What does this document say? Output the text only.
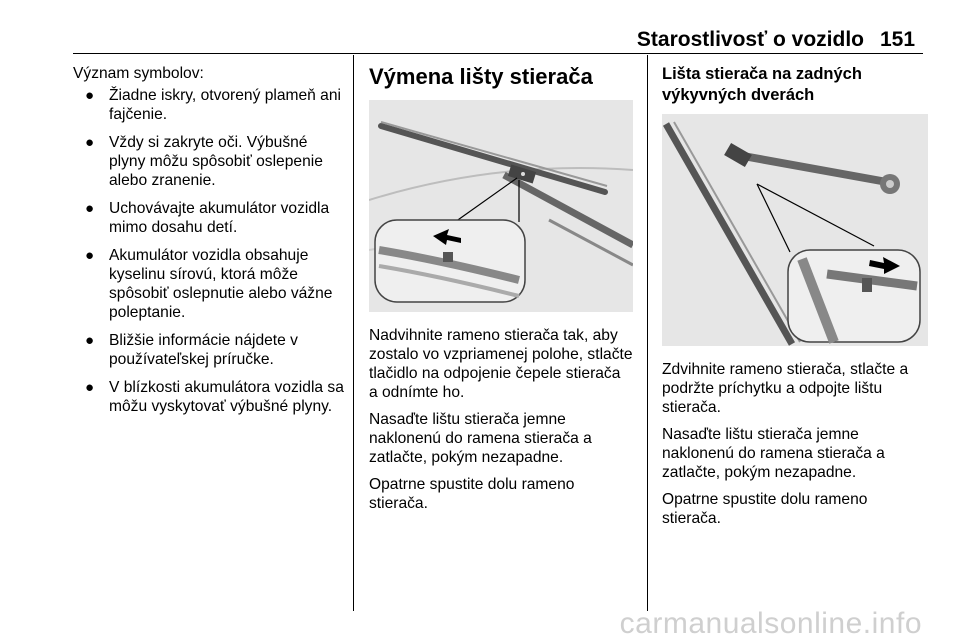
Starostlivosť o vozidlo 151

Význam symbolov:

● Žiadne iskry, otvorený plameň ani fajčenie.
● Vždy si zakryte oči. Výbušné plyny môžu spôsobiť oslepenie alebo zranenie.
● Uchovávajte akumulátor vozidla mimo dosahu detí.
● Akumulátor vozidla obsahuje kyselinu sírovú, ktorá môže spôsobiť oslepnutie alebo vážne poleptanie.
● Bližšie informácie nájdete v používateľskej príručke.
● V blízkosti akumulátora vozidla sa môžu vyskytovať výbušné plyny.
Výmena lišty stierača

Nadvihnite rameno stierača tak, aby zostalo vo vzpriamenej polohe, stlačte tlačidlo na odpojenie čepele stierača a odnímte ho.

Nasaďte lištu stierača jemne naklonenú do ramena stierača a zatlačte, pokým nezapadne.

Opatrne spustite dolu rameno stierača.

Lišta stierača na zadných výkyvných dverách

Zdvihnite rameno stierača, stlačte a podržte príchytku a odpojte lištu stierača.

Nasaďte lištu stierača jemne naklonenú do ramena stierača a zatlačte, pokým nezapadne.

Opatrne spustite dolu rameno stierača.

carmanualsonline.info
